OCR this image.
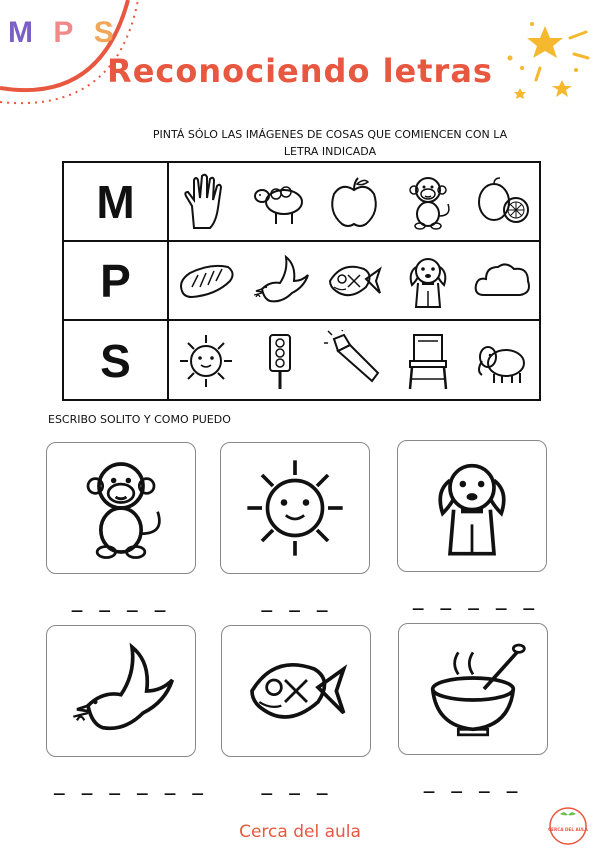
M P S
Reconociendo letras
PINTÁ SÓLO LAS IMÁGENES DE COSAS QUE COMIENCEN CON LA
LETRA INDICADA
M
P
S
ESCRIBO SOLITO Y COMO PUEDO
_ _ _ _	_ _ _	_ _ _ _ _
_ _ _ _ _ _	_ _ _	_ _ _ _
Cerca del aula	CERCA DEL AULA
